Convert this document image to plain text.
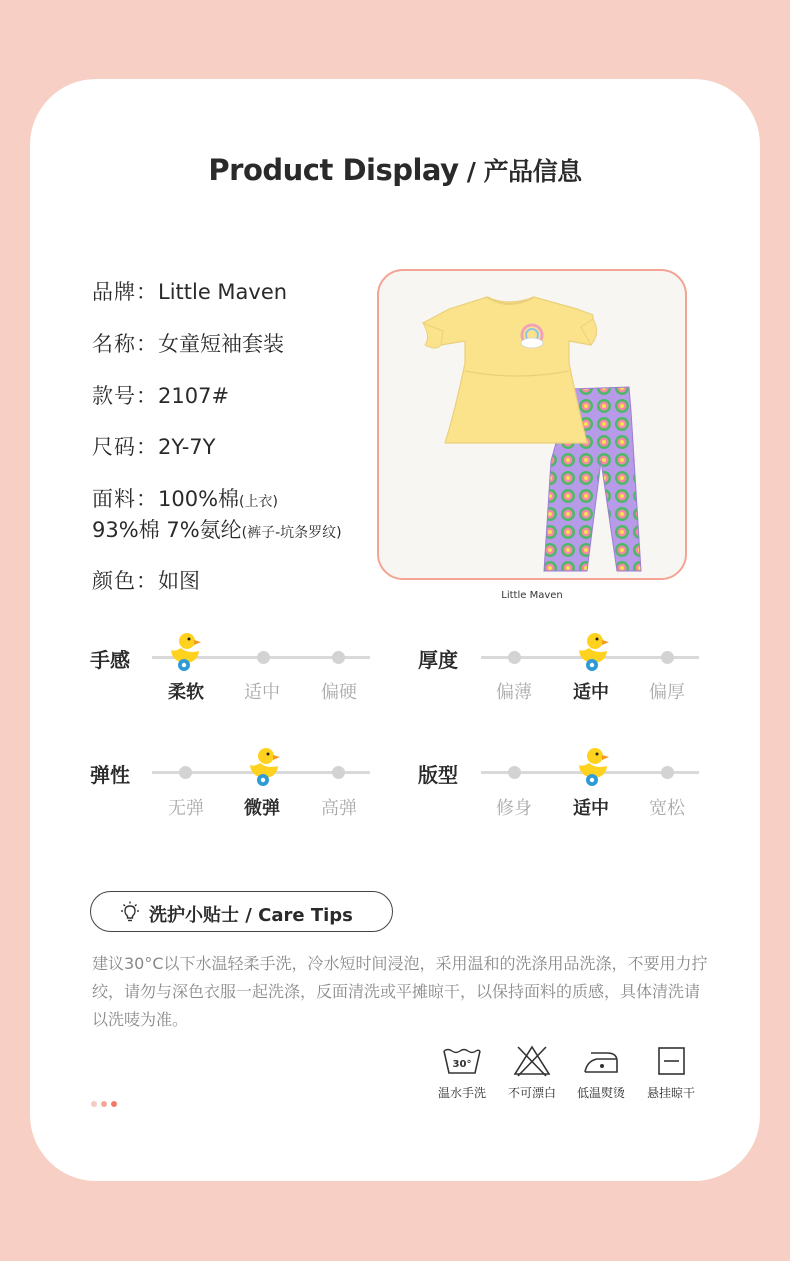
Product Display / 产品信息
品牌：Little Maven
名称：女童短袖套装
款号：2107#
尺码：2Y-7Y
面料：100%棉(上衣)
93%棉 7%氨纶(裤子-坑条罗纹)
颜色：如图
Little Maven
手感
柔软	适中	偏硬
厚度
偏薄	适中	偏厚
弹性
无弹	微弹	高弹
版型
修身	适中	宽松
洗护小贴士 / Care Tips
建议30°C以下水温轻柔手洗，冷水短时间浸泡，采用温和的洗涤用品洗涤，不要用力拧绞，请勿与深色衣服一起洗涤，反面清洗或平摊晾干，以保持面料的质感，具体清洗请以洗唛为准。
30°
温水手洗	不可漂白	低温熨烫	悬挂晾干
